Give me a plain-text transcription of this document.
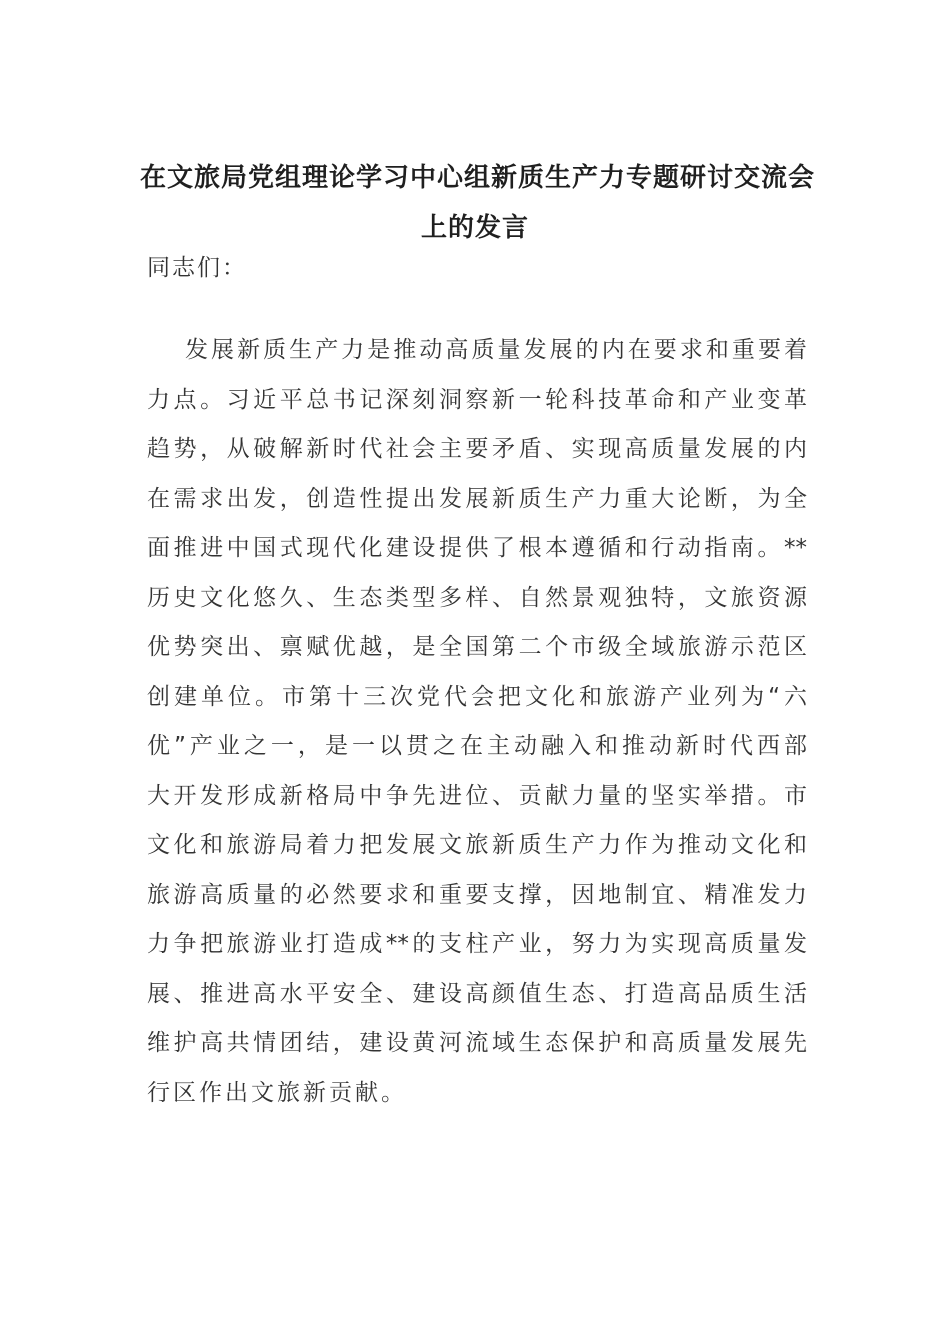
在文旅局党组理论学习中心组新质生产力专题研讨交流会
上的发言
同志们：
发展新质生产力是推动高质量发展的内在要求和重要着
力点。习近平总书记深刻洞察新一轮科技革命和产业变革
趋势，从破解新时代社会主要矛盾、实现高质量发展的内
在需求出发，创造性提出发展新质生产力重大论断，为全
面推进中国式现代化建设提供了根本遵循和行动指南。**
历史文化悠久、生态类型多样、自然景观独特，文旅资源
优势突出、禀赋优越，是全国第二个市级全域旅游示范区
创建单位。市第十三次党代会把文化和旅游产业列为“六
优”产业之一，是一以贯之在主动融入和推动新时代西部
大开发形成新格局中争先进位、贡献力量的坚实举措。市
文化和旅游局着力把发展文旅新质生产力作为推动文化和
旅游高质量的必然要求和重要支撑，因地制宜、精准发力
力争把旅游业打造成**的支柱产业，努力为实现高质量发
展、推进高水平安全、建设高颜值生态、打造高品质生活
维护高共情团结，建设黄河流域生态保护和高质量发展先
行区作出文旅新贡献。
